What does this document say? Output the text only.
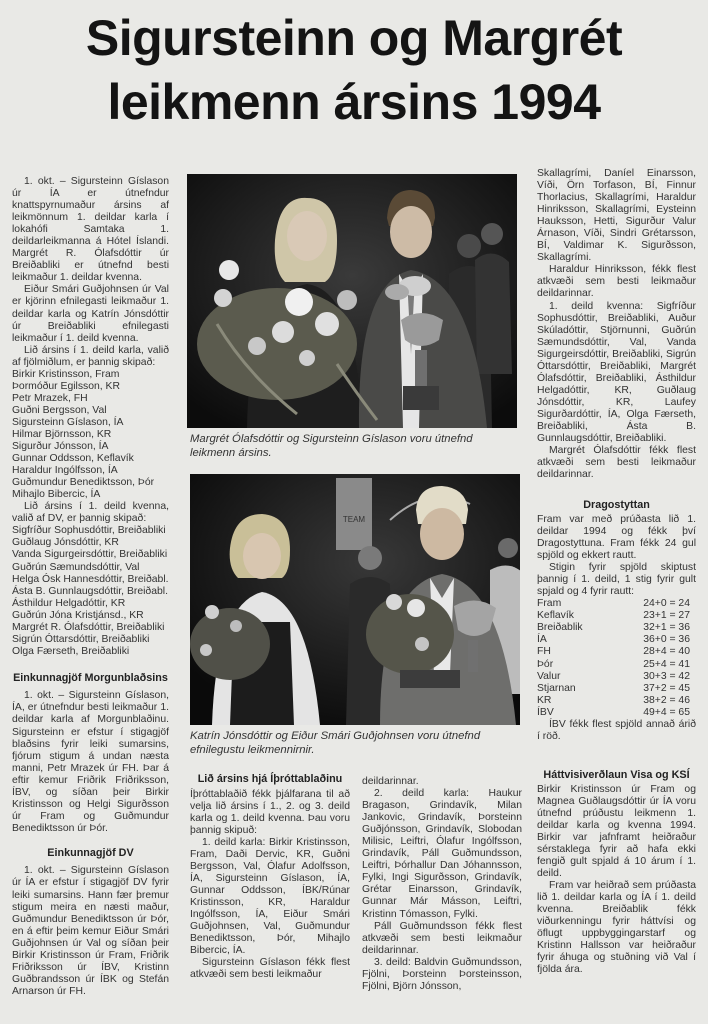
Sigursteinn og Margrét
leikmenn ársins 1994

1. okt. – Sigursteinn Gíslason úr ÍA er útnefndur knattspyrnumaður ársins af leikmönnum 1. deildar karla í lokahófi Samtaka 1. deildarleikmanna á Hótel Íslandi. Margrét R. Ólafsdóttir úr Breiðabliki er útnefnd besti leikmaður 1. deildar kvenna.

Eiður Smári Guðjohnsen úr Val er kjörinn efnilegasti leikmaður 1. deildar karla og Katrín Jónsdóttir úr Breiðabliki efnilegasti leikmaður í 1. deild kvenna.

Lið ársins í 1. deild karla, valið af fjölmiðlum, er þannig skipað:

Birkir Kristinsson, Fram
Þormóður Egilsson, KR
Petr Mrazek, FH
Guðni Bergsson, Val
Sigursteinn Gíslason, ÍA
Hilmar Björnsson, KR
Sigurður Jónsson, ÍA
Gunnar Oddsson, Keflavík
Haraldur Ingólfsson, ÍA
Guðmundur Benediktsson, Þór
Mihajlo Bibercic, ÍA

Lið ársins í 1. deild kvenna, valið af DV, er þannig skipað:

Sigfríður Sophusdóttir, Breiðabliki
Guðlaug Jónsdóttir, KR
Vanda Sigurgeirsdóttir, Breiðabliki
Guðrún Sæmundsdóttir, Val
Helga Ósk Hannesdóttir, Breiðabl.
Ásta B. Gunnlaugsdóttir, Breiðabl.
Ásthildur Helgadóttir, KR
Guðrún Jóna Kristjánsd., KR
Margrét R. Ólafsdóttir, Breiðabliki
Sigrún Óttarsdóttir, Breiðabliki
Olga Færseth, Breiðabliki
Einkunnagjöf Morgunblaðsins

1. okt. – Sigursteinn Gíslason, ÍA, er útnefndur besti leikmaður 1. deildar karla af Morgunblaðinu. Sigursteinn er efstur í stigagjöf blaðsins fyrir leiki sumarsins, fjórum stigum á undan næsta manni, Petr Mrazek úr FH. Þar á eftir kemur Friðrik Friðriksson, ÍBV, og síðan þeir Birkir Kristinsson og Helgi Sigurðsson úr Fram og Guðmundur Benediktsson úr Þór.

Einkunnagjöf DV

1. okt. – Sigursteinn Gíslason úr ÍA er efstur í stigagjöf DV fyrir leiki sumarsins. Hann fær þremur stigum meira en næsti maður, Guðmundur Benediktsson úr Þór, en á eftir þeim kemur Eiður Smári Guðjohnsen úr Val og síðan þeir Birkir Kristinsson úr Fram, Friðrik Friðriksson úr ÍBV, Kristinn Guðbrandsson úr ÍBK og Stefán Arnarson úr FH.

Margrét Ólafsdóttir og Sigursteinn Gíslason voru útnefnd leikmenn ársins.

TEAM

Katrín Jónsdóttir og Eiður Smári Guðjohnsen voru útnefnd efnilegustu leikmennirnir.

Lið ársins hjá Íþróttablaðinu

Íþróttablaðið fékk þjálfarana til að velja lið ársins í 1., 2. og 3. deild karla og 1. deild kvenna. Þau voru þannig skipuð:

1. deild karla: Birkir Kristinsson, Fram, Daði Dervic, KR, Guðni Bergsson, Val, Ólafur Adolfsson, ÍA, Sigursteinn Gíslason, ÍA, Gunnar Oddsson, ÍBK/Rúnar Kristinsson, KR, Haraldur Ingólfsson, ÍA, Eiður Smári Guðjohnsen, Val, Guðmundur Benediktsson, Þór, Mihajlo Bibercic, ÍA.

Sigursteinn Gíslason fékk flest atkvæði sem besti leikmaður

deildarinnar.

2. deild karla: Haukur Bragason, Grindavík, Milan Jankovic, Grindavík, Þorsteinn Guðjónsson, Grindavík, Slobodan Milisic, Leiftri, Ólafur Ingólfsson, Grindavík, Páll Guðmundsson, Leiftri, Þórhallur Dan Jóhannsson, Fylki, Ingi Sigurðsson, Grindavík, Grétar Einarsson, Grindavík, Gunnar Már Másson, Leiftri, Kristinn Tómasson, Fylki.

Páll Guðmundsson fékk flest atkvæði sem besti leikmaður deildarinnar.

3. deild: Baldvin Guðmundsson, Fjölni, Þorsteinn Þorsteinsson, Fjölni, Björn Jónsson,

Skallagrími, Daníel Einarsson, Víði, Örn Torfason, BÍ, Finnur Thorlacius, Skallagrími, Haraldur Hinriksson, Skallagrími, Eysteinn Hauksson, Hetti, Sigurður Valur Árnason, Víði, Sindri Grétarsson, BÍ, Valdimar K. Sigurðsson, Skallagrími.

Haraldur Hinriksson, fékk flest atkvæði sem besti leikmaður deildarinnar.

1. deild kvenna: Sigfríður Sophusdóttir, Breiðabliki, Auður Skúladóttir, Stjörnunni, Guðrún Sæmundsdóttir, Val, Vanda Sigurgeirsdóttir, Breiðabliki, Sigrún Óttarsdóttir, Breiðabliki, Margrét Ólafsdóttir, Breiðabliki, Ásthildur Helgadóttir, KR, Guðlaug Jónsdóttir, KR, Laufey Sigurðardóttir, ÍA, Olga Færseth, Breiðabliki, Ásta B. Gunnlaugsdóttir, Breiðabliki.

Margrét Ólafsdóttir fékk flest atkvæði sem besti leikmaður deildarinnar.

Dragostyttan

Fram var með prúðasta lið 1. deildar 1994 og fékk því Dragostyttuna. Fram fékk 24 gul spjöld og ekkert rautt.

Stigin fyrir spjöld skiptust þannig í 1. deild, 1 stig fyrir gult spjald og 4 fyrir rautt:

Fram	24+0 = 24
Keflavík	23+1 = 27
Breiðablik	32+1 = 36
ÍA	36+0 = 36
FH	28+4 = 40
Þór	25+4 = 41
Valur	30+3 = 42
Stjarnan	37+2 = 45
KR	38+2 = 46
ÍBV	49+4 = 65

ÍBV fékk flest spjöld annað árið í röð.

Háttvisiverðlaun Visa og KSÍ

Birkir Kristinsson úr Fram og Magnea Guðlaugsdóttir úr ÍA voru útnefnd prúðustu leikmenn 1. deildar karla og kvenna 1994. Birkir var jafnframt heiðraður sérstaklega fyrir að hafa ekki fengið gult spjald á 10 árum í 1. deild.

Fram var heiðrað sem prúðasta lið 1. deildar karla og ÍA í 1. deild kvenna. Breiðablik fékk viðurkenningu fyrir háttvísi og öflugt uppbyggingarstarf og Kristinn Hallsson var heiðraður fyrir áhuga og stuðning við Val í fjölda ára.
